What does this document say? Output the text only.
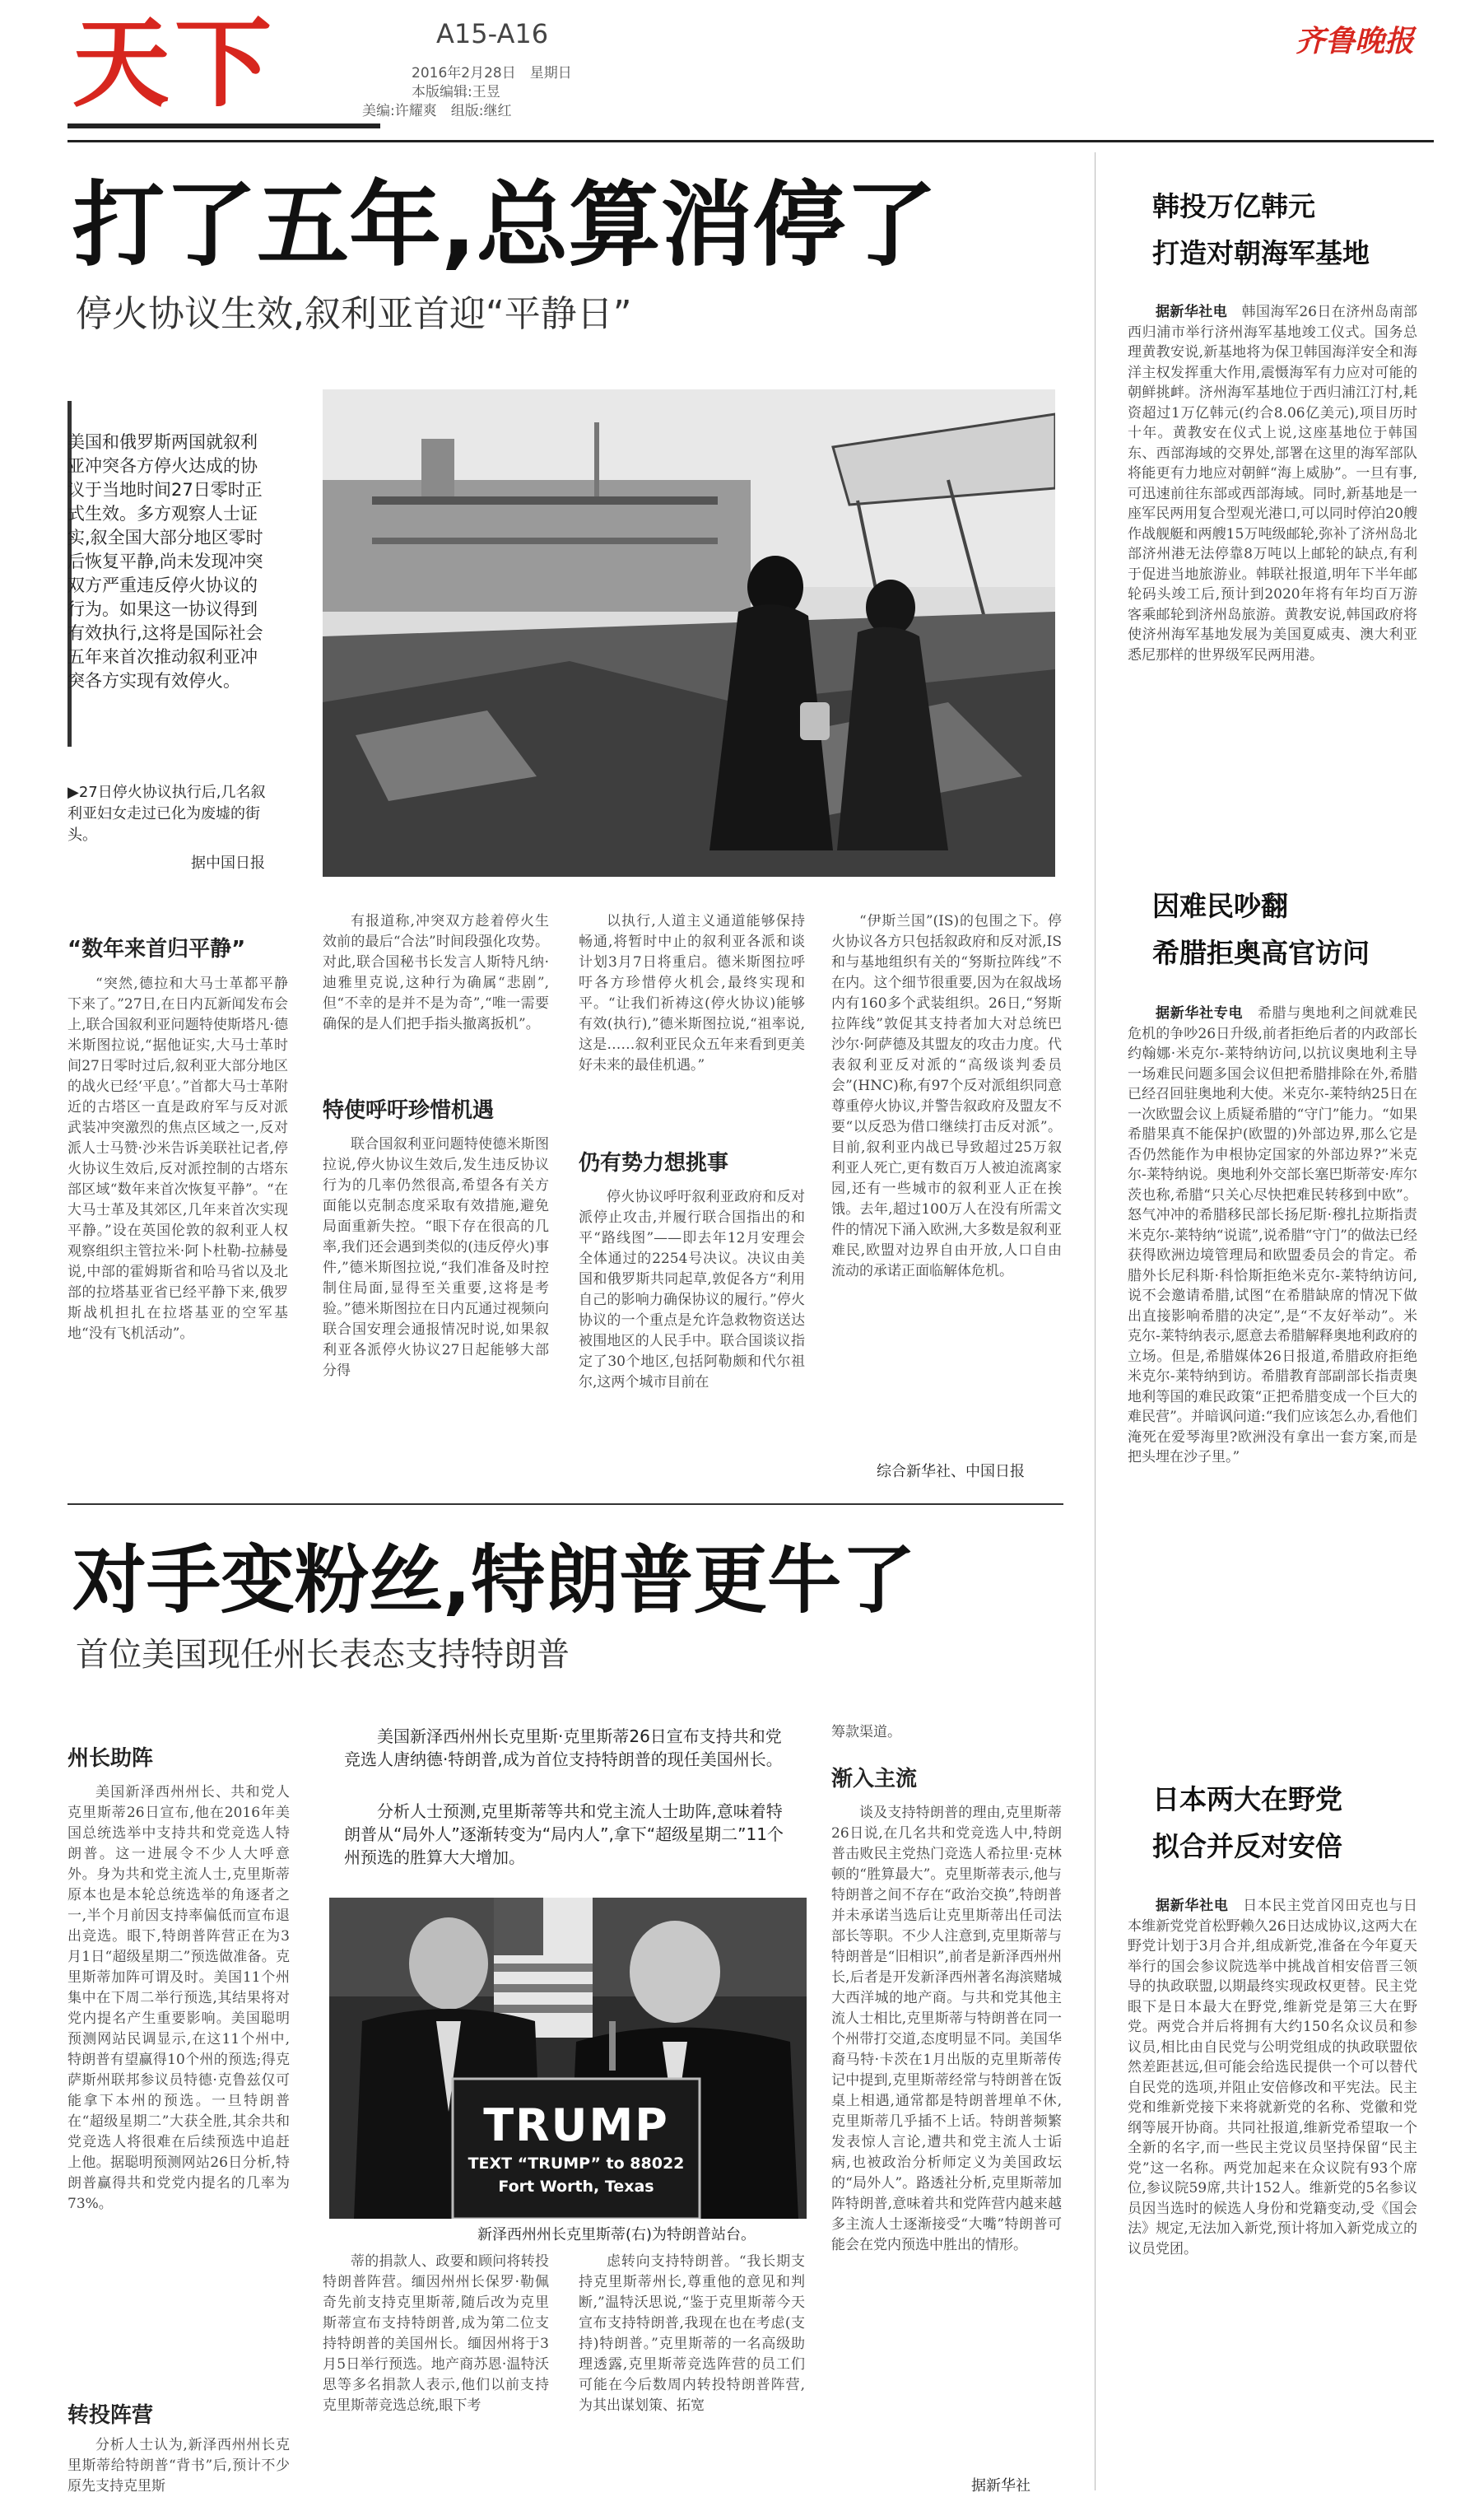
天下	A15-A16
2016年2月28日　星期日
本版编辑:王昱
美编:许耀爽　组版:继红
齐鲁晚报
打了五年,总算消停了
停火协议生效,叙利亚首迎“平静日”
美国和俄罗斯两国就叙利亚冲突各方停火达成的协议于当地时间27日零时正式生效。多方观察人士证实,叙全国大部分地区零时后恢复平静,尚未发现冲突双方严重违反停火协议的行为。如果这一协议得到有效执行,这将是国际社会五年来首次推动叙利亚冲突各方实现有效停火。
▶27日停火协议执行后,几名叙利亚妇女走过已化为废墟的街头。
据中国日报
“数年来首归平静”

“突然,德拉和大马士革都平静下来了。”27日,在日内瓦新闻发布会上,联合国叙利亚问题特使斯塔凡·德米斯图拉说,“据他证实,大马士革时间27日零时过后,叙利亚大部分地区的战火已经‘平息’。”首都大马士革附近的古塔区一直是政府军与反对派武装冲突激烈的焦点区域之一,反对派人士马赞·沙米告诉美联社记者,停火协议生效后,反对派控制的古塔东部区域“数年来首次恢复平静”。“在大马士革及其郊区,几年来首次实现平静。”设在英国伦敦的叙利亚人权观察组织主管拉米·阿卜杜勒-拉赫曼说,中部的霍姆斯省和哈马省以及北部的拉塔基亚省已经平静下来,俄罗斯战机担扎在拉塔基亚的空军基地“没有飞机活动”。

有报道称,冲突双方趁着停火生效前的最后“合法”时间段强化攻势。对此,联合国秘书长发言人斯特凡纳·迪雅里克说,这种行为确属“悲剧”,但“不幸的是并不是为奇”,“唯一需要确保的是人们把手指头撤离扳机”。

特使呼吁珍惜机遇

联合国叙利亚问题特使德米斯图拉说,停火协议生效后,发生违反协议行为的几率仍然很高,希望各有关方面能以克制态度采取有效措施,避免局面重新失控。“眼下存在很高的几率,我们还会遇到类似的(违反停火)事件,”德米斯图拉说,“我们准备及时控制住局面,显得至关重要,这将是考验。”德米斯图拉在日内瓦通过视频向联合国安理会通报情况时说,如果叙利亚各派停火协议27日起能够大部分得

以执行,人道主义通道能够保持畅通,将暂时中止的叙利亚各派和谈计划3月7日将重启。德米斯图拉呼吁各方珍惜停火机会,最终实现和平。“让我们祈祷这(停火协议)能够有效(执行),”德米斯图拉说,“祖率说,这是……叙利亚民众五年来看到更美好未来的最佳机遇。”

仍有势力想挑事

停火协议呼吁叙利亚政府和反对派停止攻击,并履行联合国指出的和平“路线图”——即去年12月安理会全体通过的2254号决议。决议由美国和俄罗斯共同起草,敦促各方“利用自己的影响力确保协议的履行。”停火协议的一个重点是允许急救物资送达被围地区的人民手中。联合国谈议指定了30个地区,包括阿勒颇和代尔祖尔,这两个城市目前在

“伊斯兰国”(IS)的包围之下。停火协议各方只包括叙政府和反对派,IS和与基地组织有关的“努斯拉阵线”不在内。这个细节很重要,因为在叙战场内有160多个武装组织。26日,“努斯拉阵线”敦促其支持者加大对总统巴沙尔·阿萨德及其盟友的攻击力度。代表叙利亚反对派的“高级谈判委员会”(HNC)称,有97个反对派组织同意尊重停火协议,并警告叙政府及盟友不要“以反恐为借口继续打击反对派”。目前,叙利亚内战已导致超过25万叙利亚人死亡,更有数百万人被迫流离家园,还有一些城市的叙利亚人正在挨饿。去年,超过100万人在没有所需文件的情况下涌入欧洲,大多数是叙利亚难民,欧盟对边界自由开放,人口自由流动的承诺正面临解体危机。

综合新华社、中国日报
对手变粉丝,特朗普更牛了
首位美国现任州长表态支持特朗普
州长助阵

美国新泽西州州长、共和党人克里斯蒂26日宣布,他在2016年美国总统选举中支持共和党竞选人特朗普。这一进展令不少人大呼意外。身为共和党主流人士,克里斯蒂原本也是本轮总统选举的角逐者之一,半个月前因支持率偏低而宣布退出竞选。眼下,特朗普阵营正在为3月1日“超级星期二”预选做准备。克里斯蒂加阵可谓及时。美国11个州集中在下周二举行预选,其结果将对党内提名产生重要影响。美国聪明预测网站民调显示,在这11个州中,特朗普有望赢得10个州的预选;得克萨斯州联邦参议员特德·克鲁兹仅可能拿下本州的预选。一旦特朗普在“超级星期二”大获全胜,其余共和党竞选人将很难在后续预选中追赶上他。据聪明预测网站26日分析,特朗普赢得共和党党内提名的几率为73%。

转投阵营

分析人士认为,新泽西州州长克里斯蒂给特朗普“背书”后,预计不少原先支持克里斯

美国新泽西州州长克里斯·克里斯蒂26日宣布支持共和党竞选人唐纳德·特朗普,成为首位支持特朗普的现任美国州长。
分析人士预测,克里斯蒂等共和党主流人士助阵,意味着特朗普从“局外人”逐渐转变为“局内人”,拿下“超级星期二”11个州预选的胜算大大增加。
TRUMP
TEXT “TRUMP” to 88022
Fort Worth, Texas
新泽西州州长克里斯蒂(右)为特朗普站台。

蒂的捐款人、政要和顾问将转投特朗普阵营。缅因州州长保罗·勒佩奇先前支持克里斯蒂,随后改为克里斯蒂宣布支持特朗普,成为第二位支持特朗普的美国州长。缅因州将于3月5日举行预选。地产商苏恩·温特沃思等多名捐款人表示,他们以前支持克里斯蒂竞选总统,眼下考

虑转向支持特朗普。“我长期支持克里斯蒂州长,尊重他的意见和判断,”温特沃思说,“鉴于克里斯蒂今天宣布支持特朗普,我现在也在考虑(支持)特朗普。”克里斯蒂的一名高级助理透露,克里斯蒂竞选阵营的员工们可能在今后数周内转投特朗普阵营,为其出谋划策、拓宽

筹款渠道。

渐入主流

谈及支持特朗普的理由,克里斯蒂26日说,在几名共和党竞选人中,特朗普击败民主党热门竞选人希拉里·克林顿的“胜算最大”。克里斯蒂表示,他与特朗普之间不存在“政治交换”,特朗普并未承诺当选后让克里斯蒂出任司法部长等职。不少人注意到,克里斯蒂与特朗普是“旧相识”,前者是新泽西州州长,后者是开发新泽西州著名海滨赌城大西洋城的地产商。与共和党其他主流人士相比,克里斯蒂与特朗普在同一个州带打交道,态度明显不同。美国华裔马特·卡茨在1月出版的克里斯蒂传记中提到,克里斯蒂经常与特朗普在饭桌上相遇,通常都是特朗普埋单不休,克里斯蒂几乎插不上话。特朗普频繁发表惊人言论,遭共和党主流人士诟病,也被政治分析师定义为美国政坛的“局外人”。路透社分析,克里斯蒂加阵特朗普,意味着共和党阵营内越来越多主流人士逐渐接受“大嘴”特朗普可能会在党内预选中胜出的情形。

据新华社
韩投万亿韩元
打造对朝海军基地

据新华社电　 韩国海军26日在济州岛南部西归浦市举行济州海军基地竣工仪式。国务总理黄教安说,新基地将为保卫韩国海洋安全和海洋主权发挥重大作用,震慑海军有力应对可能的朝鲜挑衅。济州海军基地位于西归浦江汀村,耗资超过1万亿韩元(约合8.06亿美元),项目历时十年。黄教安在仪式上说,这座基地位于韩国东、西部海域的交界处,部署在这里的海军部队将能更有力地应对朝鲜“海上威胁”。一旦有事,可迅速前往东部或西部海域。同时,新基地是一座军民两用复合型观光港口,可以同时停泊20艘作战舰艇和两艘15万吨级邮轮,弥补了济州岛北部济州港无法停靠8万吨以上邮轮的缺点,有利于促进当地旅游业。韩联社报道,明年下半年邮轮码头竣工后,预计到2020年将有年均百万游客乘邮轮到济州岛旅游。黄教安说,韩国政府将使济州海军基地发展为美国夏威夷、澳大利亚悉尼那样的世界级军民两用港。

因难民吵翻
希腊拒奥高官访问

据新华社专电　 希腊与奥地利之间就难民危机的争吵26日升级,前者拒绝后者的内政部长约翰娜·米克尔-莱特纳访问,以抗议奥地利主导一场难民问题多国会议但把希腊排除在外,希腊已经召回驻奥地利大使。米克尔-莱特纳25日在一次欧盟会议上质疑希腊的“守门”能力。“如果希腊果真不能保护(欧盟的)外部边界,那么它是否仍然能作为申根协定国家的外部边界?”米克尔-莱特纳说。奥地利外交部长塞巴斯蒂安·库尔茨也称,希腊“只关心尽快把难民转移到中欧”。怒气冲冲的希腊移民部长扬尼斯·穆扎拉斯指责米克尔-莱特纳“说谎”,说希腊“守门”的做法已经获得欧洲边境管理局和欧盟委员会的肯定。希腊外长尼科斯·科恰斯拒绝米克尔-莱特纳访问,说不会邀请希腊,试图“在希腊缺席的情况下做出直接影响希腊的决定”,是“不友好举动”。米克尔-莱特纳表示,愿意去希腊解释奥地利政府的立场。但是,希腊媒体26日报道,希腊政府拒绝米克尔-莱特纳到访。希腊教育部副部长指责奥地利等国的难民政策“正把希腊变成一个巨大的难民营”。并暗讽问道:“我们应该怎么办,看他们淹死在爱琴海里?欧洲没有拿出一套方案,而是把头埋在沙子里。”

日本两大在野党
拟合并反对安倍

据新华社电　 日本民主党首冈田克也与日本维新党党首松野赖久26日达成协议,这两大在野党计划于3月合并,组成新党,准备在今年夏天举行的国会参议院选举中挑战首相安倍晋三领导的执政联盟,以期最终实现政权更替。民主党眼下是日本最大在野党,维新党是第三大在野党。两党合并后将拥有大约150名众议员和参议员,相比由自民党与公明党组成的执政联盟依然差距甚远,但可能会给选民提供一个可以替代自民党的选项,并阻止安倍修改和平宪法。民主党和维新党接下来将就新党的名称、党徽和党纲等展开协商。共同社报道,维新党希望取一个全新的名字,而一些民主党议员坚持保留“民主党”这一名称。两党加起来在众议院有93个席位,参议院59席,共计152人。维新党的5名参议员因当选时的候选人身份和党籍变动,受《国会法》规定,无法加入新党,预计将加入新党成立的议员党团。
